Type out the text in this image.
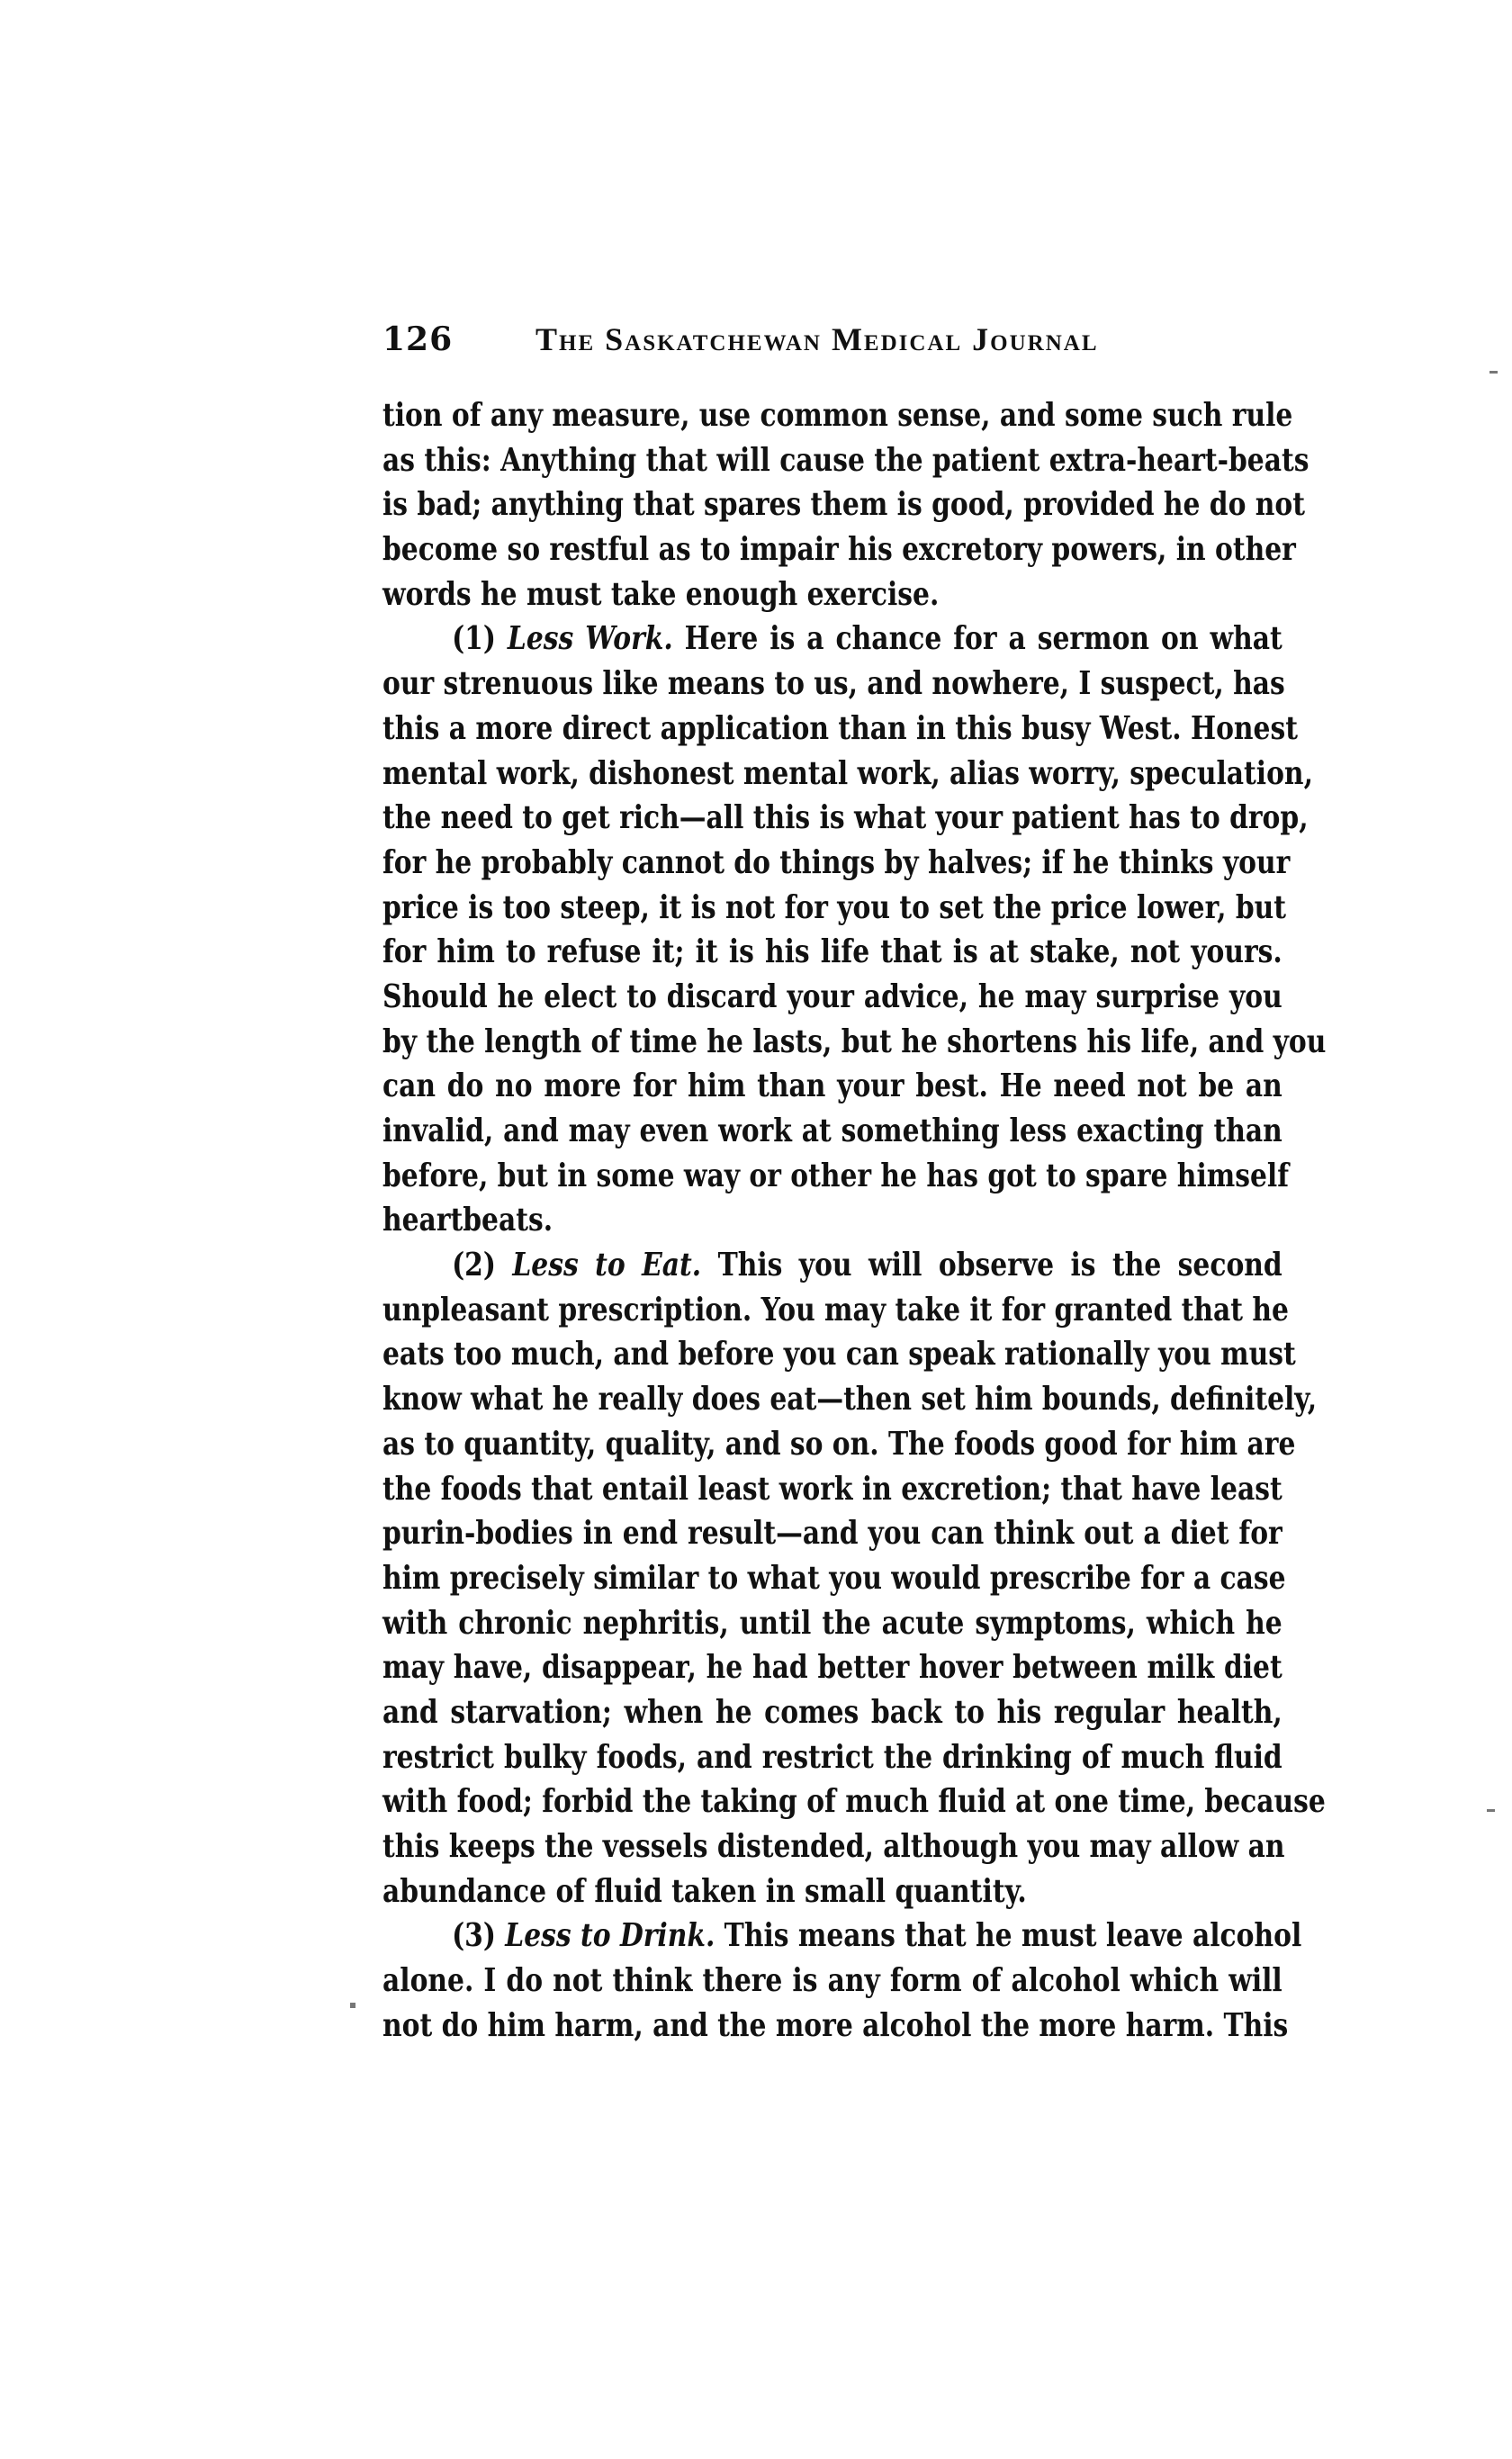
126	The Saskatchewan Medical Journal
tion of any measure, use common sense, and some such rule
as this: Anything that will cause the patient extra-heart-beats
is bad; anything that spares them is good, provided he do not
become so restful as to impair his excretory powers, in other
words he must take enough exercise.
(1) Less Work. Here is a chance for a sermon on what
our strenuous like means to us, and nowhere, I suspect, has
this a more direct application than in this busy West. Honest
mental work, dishonest mental work, alias worry, speculation,
the need to get rich—all this is what your patient has to drop,
for he probably cannot do things by halves; if he thinks your
price is too steep, it is not for you to set the price lower, but
for him to refuse it; it is his life that is at stake, not yours.
Should he elect to discard your advice, he may surprise you
by the length of time he lasts, but he shortens his life, and you
can do no more for him than your best. He need not be an
invalid, and may even work at something less exacting than
before, but in some way or other he has got to spare himself
heartbeats.
(2) Less to Eat. This you will observe is the second
unpleasant prescription. You may take it for granted that he
eats too much, and before you can speak rationally you must
know what he really does eat—then set him bounds, definitely,
as to quantity, quality, and so on. The foods good for him are
the foods that entail least work in excretion; that have least
purin-bodies in end result—and you can think out a diet for
him precisely similar to what you would prescribe for a case
with chronic nephritis, until the acute symptoms, which he
may have, disappear, he had better hover between milk diet
and starvation; when he comes back to his regular health,
restrict bulky foods, and restrict the drinking of much fluid
with food; forbid the taking of much fluid at one time, because
this keeps the vessels distended, although you may allow an
abundance of fluid taken in small quantity.
(3) Less to Drink. This means that he must leave alcohol
alone. I do not think there is any form of alcohol which will
not do him harm, and the more alcohol the more harm. This
